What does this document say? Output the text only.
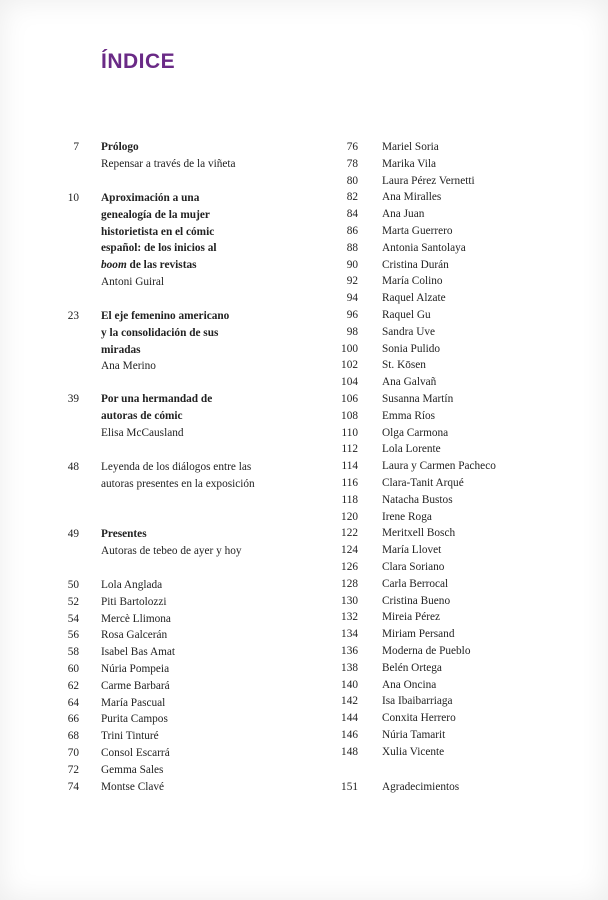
ÍNDICE
7 Prólogo
Repensar a través de la viñeta
10 Aproximación a una
genealogía de la mujer
historietista en el cómic
español: de los inicios al
boom de las revistas
Antoni Guiral
23 El eje femenino americano
y la consolidación de sus
miradas
Ana Merino
39 Por una hermandad de
autoras de cómic
Elisa McCausland
48 Leyenda de los diálogos entre las
autoras presentes en la exposición
49 Presentes
Autoras de tebeo de ayer y hoy
50 Lola Anglada
52 Piti Bartolozzi
54 Mercè Llimona
56 Rosa Galcerán
58 Isabel Bas Amat
60 Núria Pompeia
62 Carme Barbará
64 María Pascual
66 Purita Campos
68 Trini Tinturé
70 Consol Escarrá
72 Gemma Sales
74 Montse Clavé
76 Mariel Soria
78 Marika Vila
80 Laura Pérez Vernetti
82 Ana Miralles
84 Ana Juan
86 Marta Guerrero
88 Antonia Santolaya
90 Cristina Durán
92 María Colino
94 Raquel Alzate
96 Raquel Gu
98 Sandra Uve
100 Sonia Pulido
102 St. Kōsen
104 Ana Galvañ
106 Susanna Martín
108 Emma Ríos
110 Olga Carmona
112 Lola Lorente
114 Laura y Carmen Pacheco
116 Clara-Tanit Arqué
118 Natacha Bustos
120 Irene Roga
122 Meritxell Bosch
124 María Llovet
126 Clara Soriano
128 Carla Berrocal
130 Cristina Bueno
132 Mireia Pérez
134 Miriam Persand
136 Moderna de Pueblo
138 Belén Ortega
140 Ana Oncina
142 Isa Ibaibarriaga
144 Conxita Herrero
146 Núria Tamarit
148 Xulia Vicente
151 Agradecimientos
